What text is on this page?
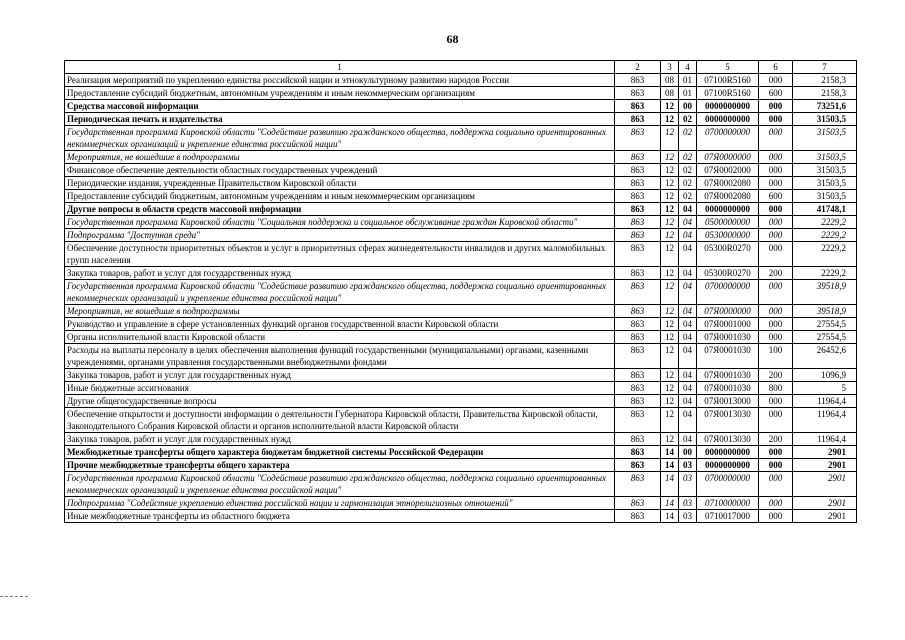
68
1	2	3	4	5	6	7
Реализация мероприятий по укреплению единства российской нации и этнокультурному развитию народов России	863	08	01	07100R5160	000	2158,3
Предоставление субсидий бюджетным, автономным учреждениям и иным некоммерческим организациям	863	08	01	07100R5160	600	2158,3
Средства массовой информации	863	12	00	0000000000	000	73251,6
Периодическая печать и издательства	863	12	02	0000000000	000	31503,5
Государственная программа Кировской области "Содействие развитию гражданского общества, поддержка социально ориентированных некоммерческих организаций и укрепление единства российской нации"	863	12	02	0700000000	000	31503,5
Мероприятия, не вошедшие в подпрограммы	863	12	02	07Я0000000	000	31503,5
Финансовое обеспечение деятельности областных государственных учреждений	863	12	02	07Я0002000	000	31503,5
Периодические издания, учрежденные Правительством Кировской области	863	12	02	07Я0002080	000	31503,5
Предоставление субсидий бюджетным, автономным учреждениям и иным некоммерческим организациям	863	12	02	07Я0002080	600	31503,5
Другие вопросы в области средств массовой информации	863	12	04	0000000000	000	41748,1
Государственная программа Кировской области "Социальная поддержка и социальное обслуживание граждан Кировской области"	863	12	04	0500000000	000	2229,2
Подпрограмма "Доступная среда"	863	12	04	0530000000	000	2229,2
Обеспечение доступности приоритетных объектов и услуг в приоритетных сферах жизнедеятельности инвалидов и других маломобильных групп населения	863	12	04	05300R0270	000	2229,2
Закупка товаров, работ и услуг для государственных нужд	863	12	04	05300R0270	200	2229,2
Государственная программа Кировской области "Содействие развитию гражданского общества, поддержка социально ориентированных некоммерческих организаций и укрепление единства российской нации"	863	12	04	0700000000	000	39518,9
Мероприятия, не вошедшие в подпрограммы	863	12	04	07Я0000000	000	39518,9
Руководство и управление в сфере установленных функций органов государственной власти Кировской области	863	12	04	07Я0001000	000	27554,5
Органы исполнительной власти Кировской области	863	12	04	07Я0001030	000	27554,5
Расходы на выплаты персоналу в целях обеспечения выполнения функций государственными (муниципальными) органами, казенными учреждениями, органами управления государственными внебюджетными фондами	863	12	04	07Я0001030	100	26452,6
Закупка товаров, работ и услуг для государственных нужд	863	12	04	07Я0001030	200	1096,9
Иные бюджетные ассигнования	863	12	04	07Я0001030	800	5
Другие общегосударственные вопросы	863	12	04	07Я0013000	000	11964,4
Обеспечение открытости и доступности информации о деятельности Губернатора Кировской области, Правительства Кировской области, Законодательного Собрания Кировской области и органов исполнительной власти Кировской области	863	12	04	07Я0013030	000	11964,4
Закупка товаров, работ и услуг для государственных нужд	863	12	04	07Я0013030	200	11964,4
Межбюджетные трансферты общего характера бюджетам бюджетной системы Российской Федерации	863	14	00	0000000000	000	2901
Прочие межбюджетные трансферты общего характера	863	14	03	0000000000	000	2901
Государственная программа Кировской области "Содействие развитию гражданского общества, поддержка социально ориентированных некоммерческих организаций и укрепление единства российской нации"	863	14	03	0700000000	000	2901
Подпрограмма "Содействие укреплению единства российской нации и гармонизация этнорелигиозных отношений"	863	14	03	0710000000	000	2901
Иные межбюджетные трансферты из областного бюджета	863	14	03	0710017000	000	2901
